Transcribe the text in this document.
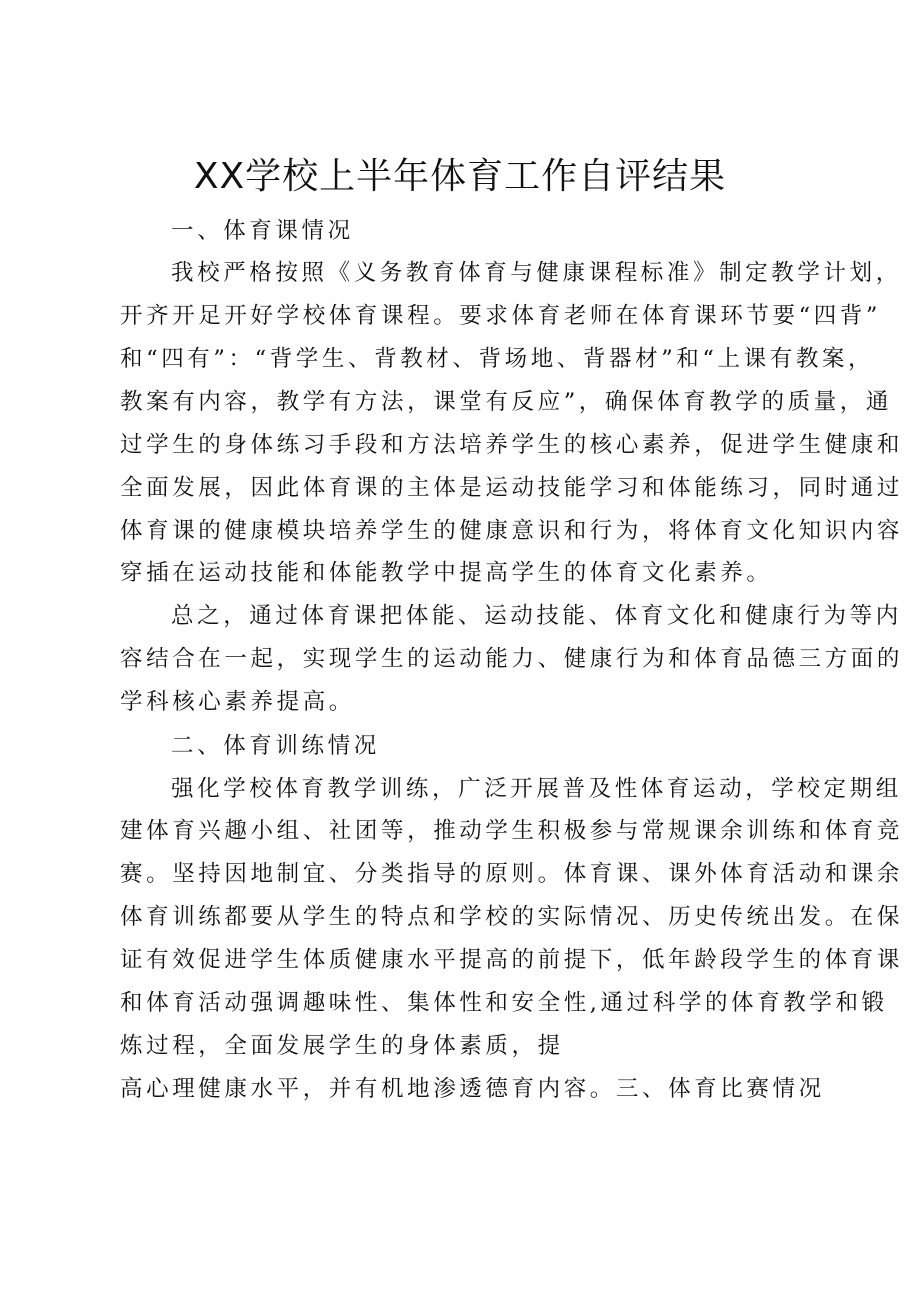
XX学校上半年体育工作自评结果
一、体育课情况
我校严格按照《义务教育体育与健康课程标准》制定教学计划，
开齐开足开好学校体育课程。要求体育老师在体育课环节要“四背”
和“四有”：“背学生、背教材、背场地、背器材”和“上课有教案，
教案有内容，教学有方法，课堂有反应”，确保体育教学的质量，通
过学生的身体练习手段和方法培养学生的核心素养，促进学生健康和
全面发展，因此体育课的主体是运动技能学习和体能练习，同时通过
体育课的健康模块培养学生的健康意识和行为，将体育文化知识内容
穿插在运动技能和体能教学中提高学生的体育文化素养。
总之，通过体育课把体能、运动技能、体育文化和健康行为等内
容结合在一起，实现学生的运动能力、健康行为和体育品德三方面的
学科核心素养提高。
二、体育训练情况
强化学校体育教学训练，广泛开展普及性体育运动，学校定期组
建体育兴趣小组、社团等，推动学生积极参与常规课余训练和体育竞
赛。坚持因地制宜、分类指导的原则。体育课、课外体育活动和课余
体育训练都要从学生的特点和学校的实际情况、历史传统出发。在保
证有效促进学生体质健康水平提高的前提下，低年龄段学生的体育课
和体育活动强调趣味性、集体性和安全性,通过科学的体育教学和锻
炼过程，全面发展学生的身体素质，提
高心理健康水平，并有机地渗透德育内容。三、体育比赛情况
